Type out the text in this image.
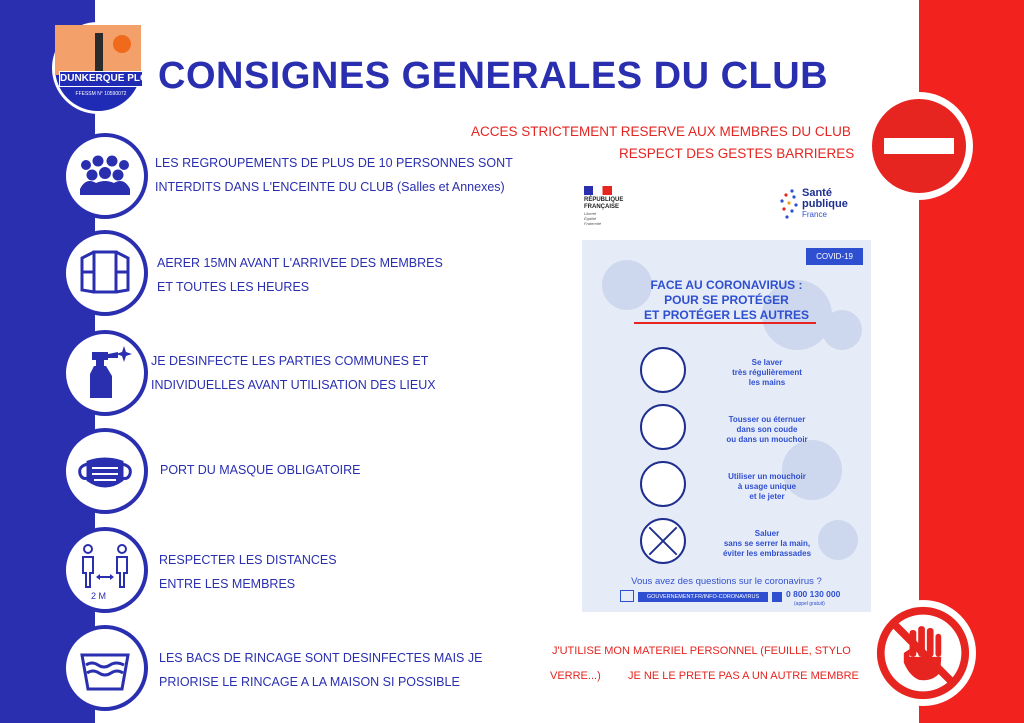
DUNKERQUE PLONGEE
FFESSM N° 10590072 CONSIGNES GENERALES DU CLUB
LES REGROUPEMENTS DE PLUS DE 10 PERSONNES SONT
INTERDITS DANS L'ENCEINTE DU CLUB (Salles et Annexes)
AERER 15MN AVANT L'ARRIVEE DES MEMBRES
ET TOUTES LES HEURES
JE DESINFECTE LES PARTIES COMMUNES ET
INDIVIDUELLES AVANT UTILISATION DES LIEUX
PORT DU MASQUE OBLIGATOIRE
2 M
RESPECTER LES DISTANCES
ENTRE LES MEMBRES
LES BACS DE RINCAGE SONT DESINFECTES MAIS JE
PRIORISE LE RINCAGE A LA MAISON SI POSSIBLE
ACCES STRICTEMENT RESERVE AUX MEMBRES DU CLUB
RESPECT DES GESTES BARRIERES
RÉPUBLIQUE
FRANÇAISE
Liberté
Égalité
Fraternité
Santé
publique
France
COVID-19
FACE AU CORONAVIRUS :
POUR SE PROTÉGER
ET PROTÉGER LES AUTRES
Se laver
très régulièrement
les mains
Tousser ou éternuer
dans son coude
ou dans un mouchoir
Utiliser un mouchoir
à usage unique
et le jeter
Saluer
sans se serrer la main,
éviter les embrassades
Vous avez des questions sur le coronavirus ?
GOUVERNEMENT.FR/INFO-CORONAVIRUS	0 800 130 000
(appel gratuit)
J'UTILISE MON MATERIEL PERSONNEL (FEUILLE, STYLO
VERRE...) JE NE LE PRETE PAS A UN AUTRE MEMBRE
